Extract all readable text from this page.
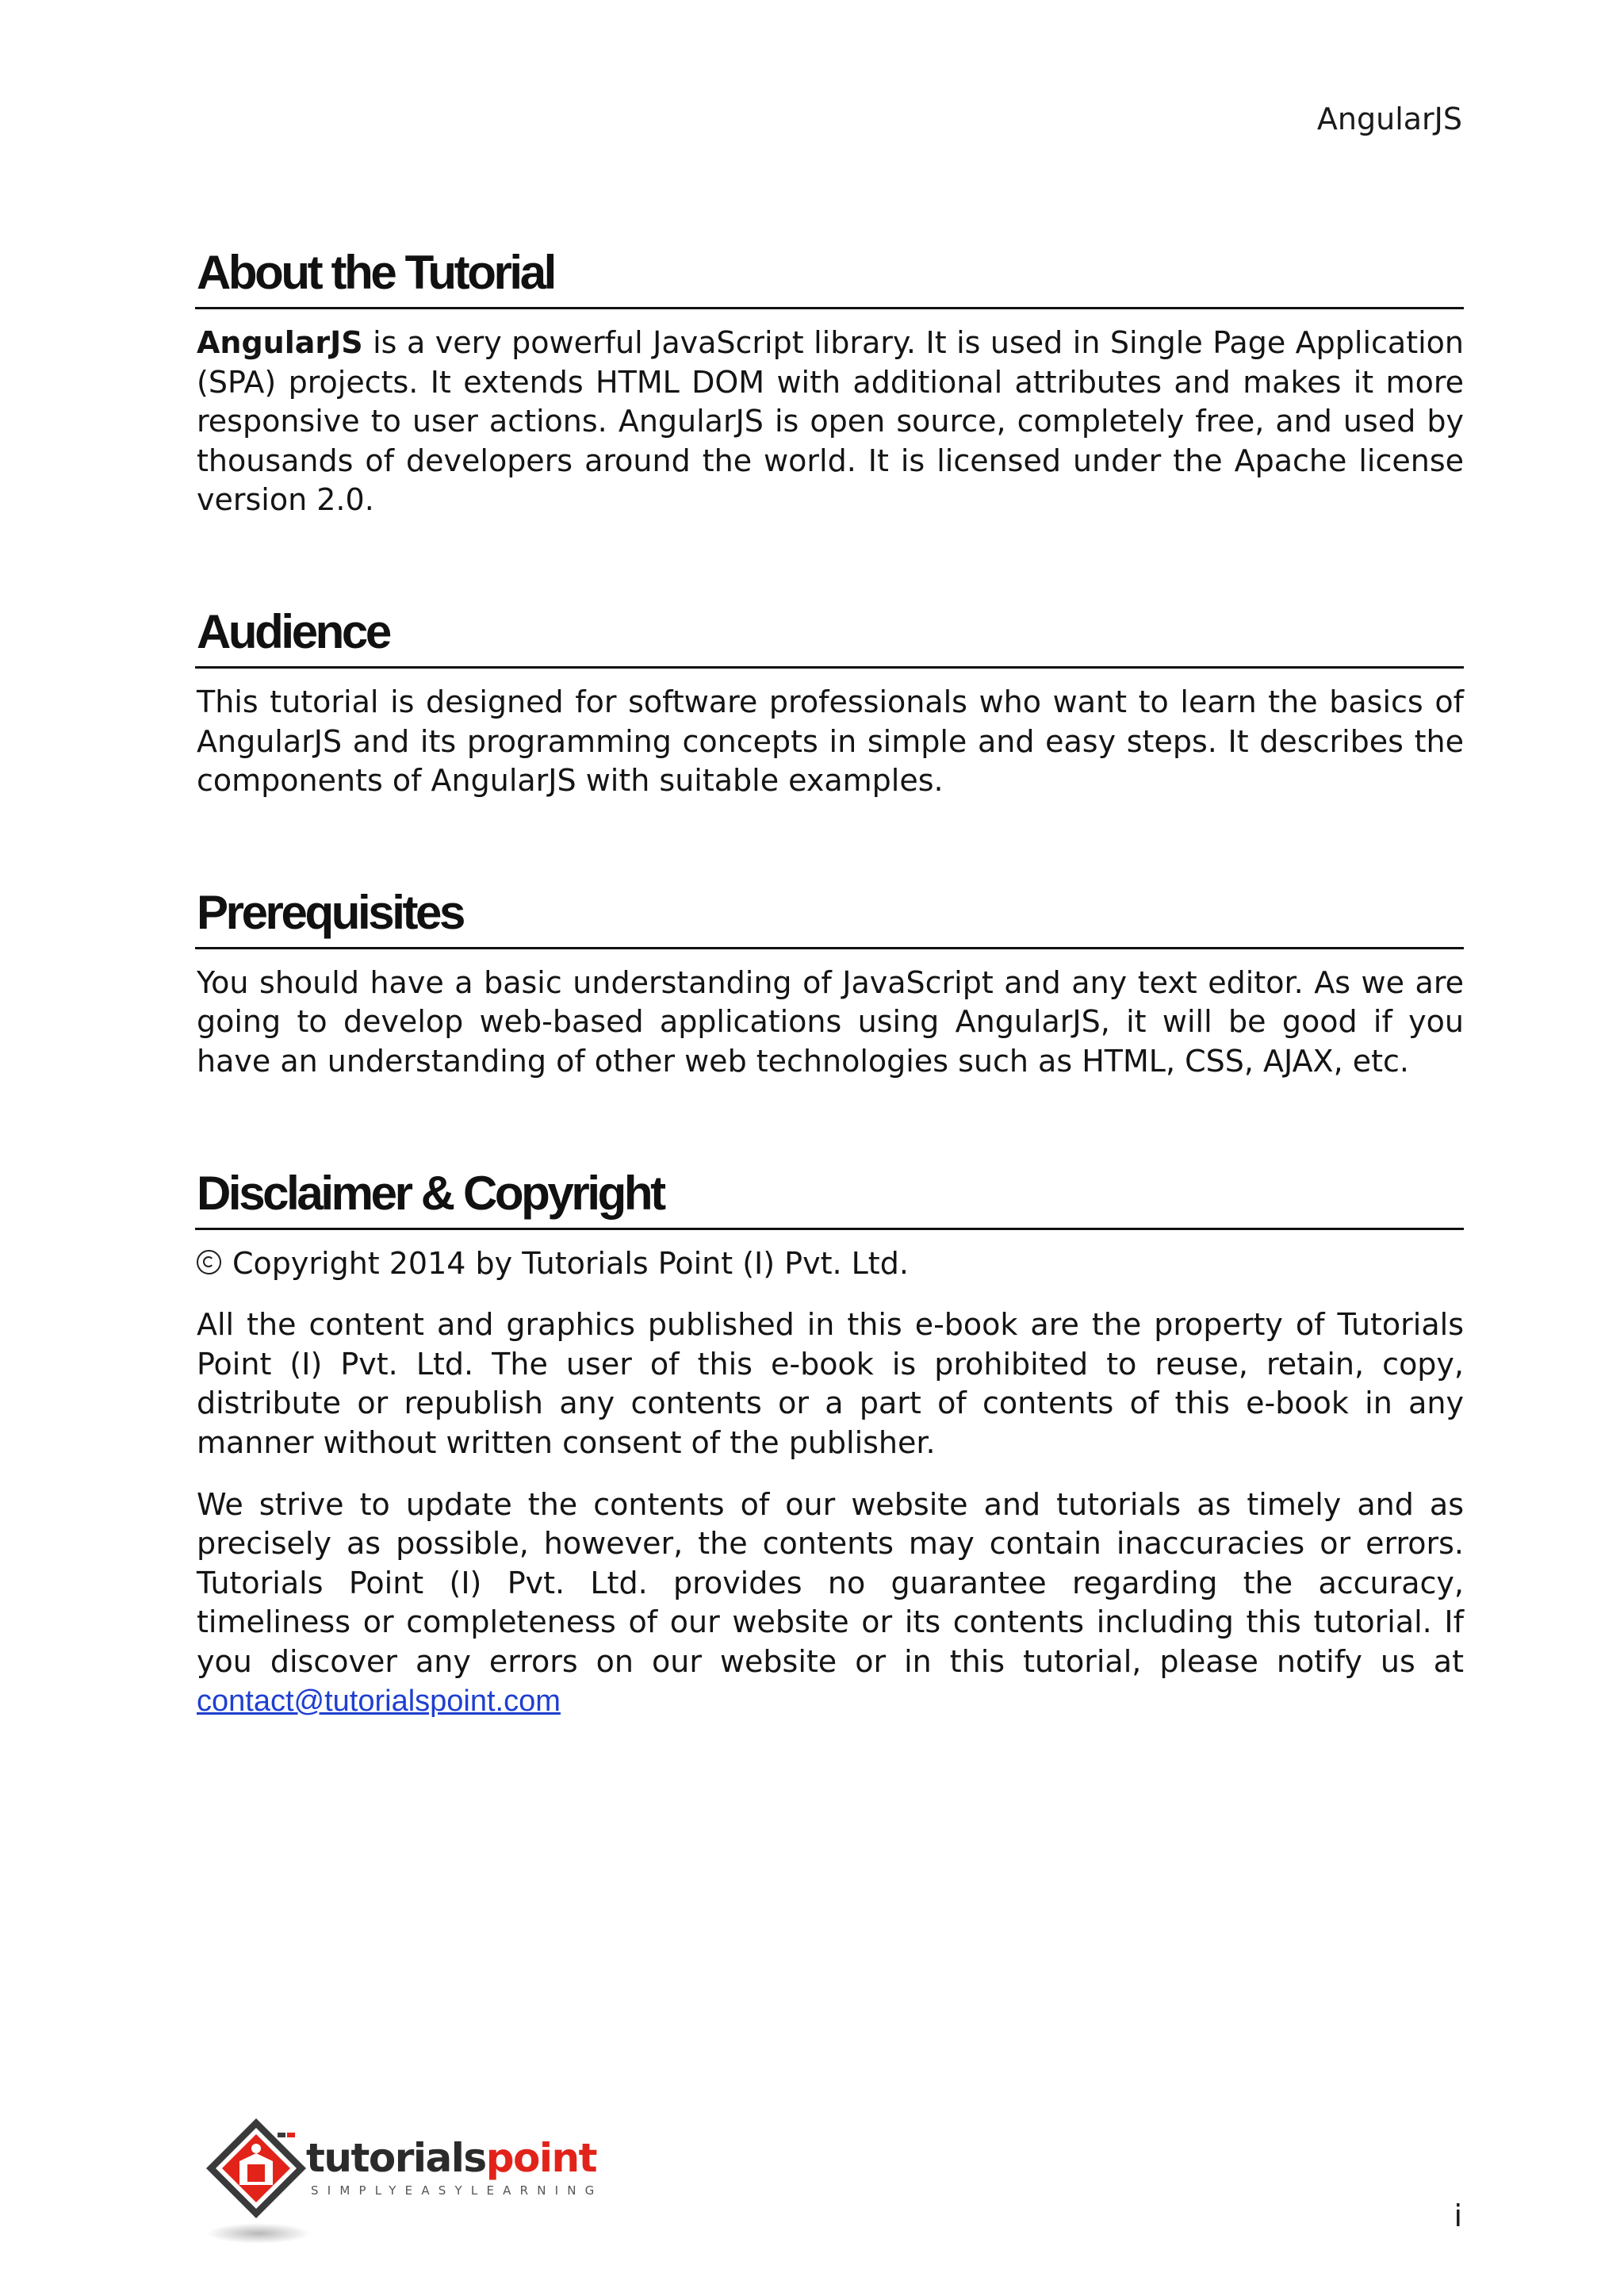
AngularJS
About the Tutorial

AngularJS is a very powerful JavaScript library. It is used in Single Page Application (SPA) projects. It extends HTML DOM with additional attributes and makes it more responsive to user actions. AngularJS is open source, completely free, and used by thousands of developers around the world. It is licensed under the Apache license version 2.0.

Audience

This tutorial is designed for software professionals who want to learn the basics of AngularJS and its programming concepts in simple and easy steps. It describes the components of AngularJS with suitable examples.

Prerequisites

You should have a basic understanding of JavaScript and any text editor. As we are going to develop web-based applications using AngularJS, it will be good if you have an understanding of other web technologies such as HTML, CSS, AJAX, etc.

Disclaimer & Copyright

Copyright 2014 by Tutorials Point (I) Pvt. Ltd.

All the content and graphics published in this e-book are the property of Tutorials Point (I) Pvt. Ltd. The user of this e-book is prohibited to reuse, retain, copy, distribute or republish any contents or a part of contents of this e-book in any manner without written consent of the publisher.

We strive to update the contents of our website and tutorials as timely and as precisely as possible, however, the contents may contain inaccuracies or errors. Tutorials Point (I) Pvt. Ltd. provides no guarantee regarding the accuracy, timeliness or completeness of our website or its contents including this tutorial. If you discover any errors on our website or in this tutorial, please notify us at contact@tutorialspoint.com

tutorialspoint
SIMPLYEASYLEARNING
i
